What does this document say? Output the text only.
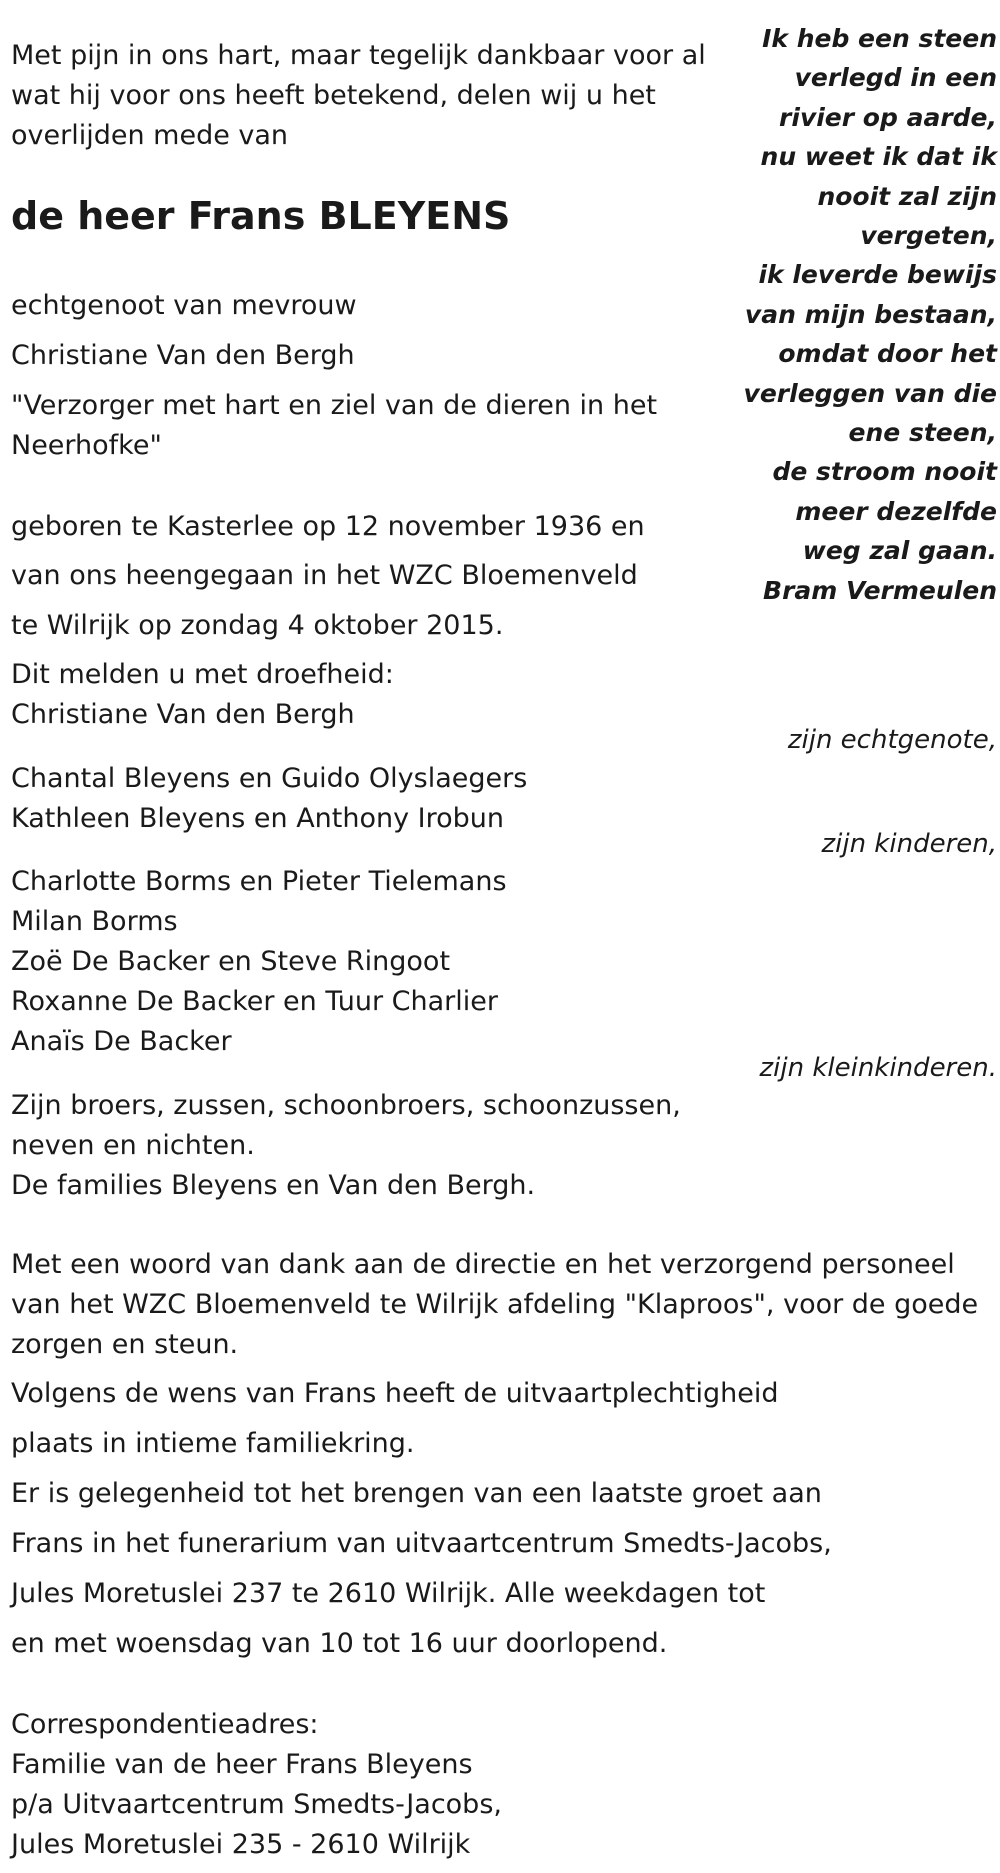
Met pijn in ons hart, maar tegelijk dankbaar voor al

wat hij voor ons heeft betekend, delen wij u het

overlijden mede van

de heer Frans BLEYENS

echtgenoot van mevrouw

Christiane Van den Bergh

"Verzorger met hart en ziel van de dieren in het

Neerhofke"

geboren te Kasterlee op 12 november 1936 en

van ons heengegaan in het WZC Bloemenveld

te Wilrijk op zondag 4 oktober 2015.

Dit melden u met droefheid:

Christiane Van den Bergh

Chantal Bleyens en Guido Olyslaegers

Kathleen Bleyens en Anthony Irobun

Charlotte Borms en Pieter Tielemans

Milan Borms

Zoë De Backer en Steve Ringoot

Roxanne De Backer en Tuur Charlier

Anaïs De Backer

Zijn broers, zussen, schoonbroers, schoonzussen,

neven en nichten.

De families Bleyens en Van den Bergh.

Met een woord van dank aan de directie en het verzorgend personeel

van het WZC Bloemenveld te Wilrijk afdeling "Klaproos", voor de goede

zorgen en steun.

Volgens de wens van Frans heeft de uitvaartplechtigheid

plaats in intieme familiekring.

Er is gelegenheid tot het brengen van een laatste groet aan

Frans in het funerarium van uitvaartcentrum Smedts-Jacobs,

Jules Moretuslei 237 te 2610 Wilrijk. Alle weekdagen tot

en met woensdag van 10 tot 16 uur doorlopend.

Correspondentieadres:

Familie van de heer Frans Bleyens

p/a Uitvaartcentrum Smedts-Jacobs,

Jules Moretuslei 235 - 2610 Wilrijk

Ik heb een steen
verlegd in een
rivier op aarde,
nu weet ik dat ik
nooit zal zijn
vergeten,
ik leverde bewijs
van mijn bestaan,
omdat door het
verleggen van die
ene steen,
de stroom nooit
meer dezelfde
weg zal gaan.
Bram Vermeulen
zijn echtgenote,
zijn kinderen,
zijn kleinkinderen.
